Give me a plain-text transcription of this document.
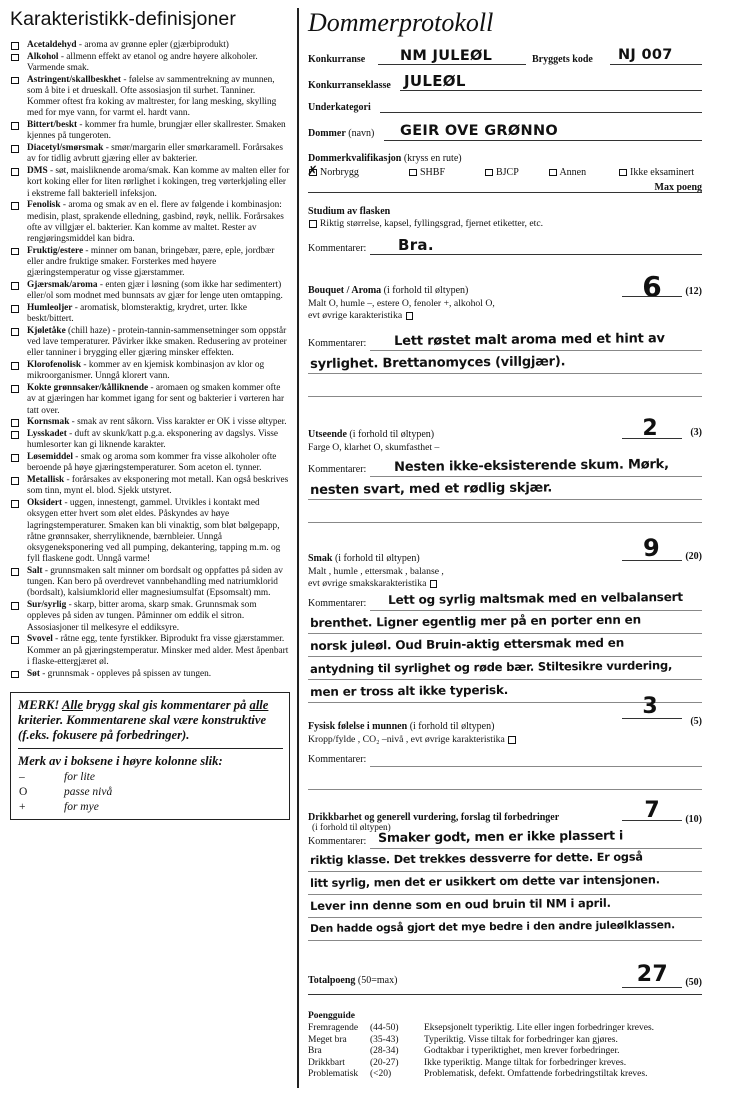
Karakteristikk-definisjoner
Acetaldehyd - aroma av grønne epler (gjærbiprodukt)
Alkohol - allmenn effekt av etanol og andre høyere alkoholer. Varmende smak.
Astringent/skallbeskhet - følelse av sammentrekning av munnen, som å bite i et drueskall. Ofte assosiasjon til surhet. Tanniner. Kommer oftest fra koking av maltrester, for lang mesking, skylling med for mye vann, for varmt el. hardt vann.
Bittert/beskt - kommer fra humle, brungjær eller skallrester. Smaken kjennes på tungeroten.
Diacetyl/smørsmak - smør/margarin eller smørkaramell. Forårsakes av for tidlig avbrutt gjæring eller av bakterier.
DMS - søt, maisliknende aroma/smak. Kan komme av malten eller for kort koking eller for liten rørlighet i kokingen, treg vørterkjøling eller i ekstreme fall bakteriell infeksjon.
Fenolisk - aroma og smak av en el. flere av følgende i kombinasjon: medisin, plast, sprakende elledning, gasbind, røyk, nellik. Forårsakes ofte av villgjær el. bakterier. Kan komme av maltet. Rester av rengjøringsmiddel kan bidra.
Fruktig/estere - minner om banan, bringebær, pære, eple, jordbær eller andre fruktige smaker. Forsterkes med høyere gjæringstemperatur og visse gjærstammer.
Gjærsmak/aroma - enten gjær i løsning (som ikke har sedimentert) eller/ol som modnet med bunnsats av gjær for lenge uten omtapping.
Humleoljer - aromatisk, blomsteraktig, krydret, urter. Ikke beskt/bittert.
Kjøletåke (chill haze) - protein-tannin-sammensetninger som oppstår ved lave temperaturer. Påvirker ikke smaken. Redusering av proteiner eller tanniner i brygging eller gjæring minsker effekten.
Klorofenolisk - kommer av en kjemisk kombinasjon av klor og mikroorganismer. Unngå klorert vann.
Kokte grønnsaker/kålliknende - aromaen og smaken kommer ofte av at gjæringen har kommet igang for sent og bakterier i vørteren har tatt over.
Kornsmak - smak av rent såkorn. Viss karakter er OK i visse øltyper.
Lysskadet - duft av skunk/katt p.g.a. eksponering av dagslys. Visse humlesorter kan gi liknende karakter.
Løsemiddel - smak og aroma som kommer fra visse alkoholer ofte beroende på høye gjæringstemperaturer. Som aceton el. tynner.
Metallisk - forårsakes av eksponering mot metall. Kan også beskrives som tinn, mynt el. blod. Sjekk utstyret.
Oksidert - uggen, innestengt, gammel. Utvikles i kontakt med oksygen etter hvert som ølet eldes. Påskyndes av høye lagringstemperaturer. Smaken kan bli vinaktig, som bløt bølgepapp, råtne grønnsaker, sherryliknende, bærnbleier. Unngå oksygeneksponering ved all pumping, dekantering, tapping m.m. og fyll flaskene godt. Unngå varme!
Salt - grunnsmaken salt minner om bordsalt og oppfattes på siden av tungen. Kan bero på overdrevet vannbehandling med natriumklorid (bordsalt), kalsiumklorid eller magnesiumsulfat (Epsomsalt) mm.
Sur/syrlig - skarp, bitter aroma, skarp smak. Grunnsmak som oppleves på siden av tungen. Påminner om eddik el sitron. Assosiasjoner til melkesyre el eddiksyre.
Svovel - råtne egg, tente fyrstikker. Biprodukt fra visse gjærstammer. Kommer an på gjæringstemperatur. Minsker med alder. Mest åpenbart i flaske-ettergjæret øl.
Søt - grunnsmak - oppleves på spissen av tungen.
MERK! Alle brygg skal gis kommentarer på alle kriterier. Kommentarene skal være konstruktive (f.eks. fokusere på forbedringer).
Merk av i boksene i høyre kolonne slik:
–	for lite
O	passe nivå
+	for mye
Dommerprotokoll
Konkurranse NM JULEØL	Bryggets kode NJ 007
Konkurranseklasse JULEØL
Underkategori
Dommer (navn) GEIR OVE GRØNNO
Dommerkvalifikasjon (kryss en rute)
✗ Norbrygg	SHBF	BJCP	Annen	Ikke eksaminert
Max poeng
Studium av flasken
Riktig størrelse, kapsel, fyllingsgrad, fjernet etiketter, etc.
Kommentarer: Bra.
Bouquet / Aroma (i forhold til øltypen)
Malt O, humle –, estere O, fenoler +, alkohol O,
evt øvrige karakteristika
6 (12)
Kommentarer: Lett røstet malt aroma med et hint av
syrlighet. Brettanomyces (villgjær).
Utseende (i forhold til øltypen)
Farge O, klarhet O, skumfasthet –
2	(3)
Kommentarer: Nesten ikke-eksisterende skum. Mørk,
nesten svart, med et rødlig skjær.
Smak (i forhold til øltypen)
Malt , humle , ettersmak , balanse ,
evt øvrige smakskarakteristika
9	(20)
Kommentarer: Lett og syrlig maltsmak med en velbalansert
brenthet. Ligner egentlig mer på en porter enn en
norsk juleøl. Oud Bruin-aktig ettersmak med en
antydning til syrlighet og røde bær. Stiltesikre vurdering,
men er tross alt ikke typerisk.
Fysisk følelse i munnen (i forhold til øltypen)
Kropp/fylde , CO₂ –nivå , evt øvrige karakteristika
3
(5)
Kommentarer:
Drikkbarhet og generell vurdering, forslag til forbedringer
(i forhold til øltypen)
7	(10)
Kommentarer: Smaker godt, men er ikke plassert i
riktig klasse. Det trekkes dessverre for dette. Er også
litt syrlig, men det er usikkert om dette var intensjonen.
Lever inn denne som en oud bruin til NM i april.
Den hadde også gjort det mye bedre i den andre juleølklassen.
Totalpoeng (50=max)	27 (50)
Poengguide
Fremragende	(44-50)	Eksepsjonelt typeriktig. Lite eller ingen forbedringer kreves.
Meget bra	(35-43)	Typeriktig. Visse tiltak for forbedringer kan gjøres.
Bra	(28-34)	Godtakbar i typeriktighet, men krever forbedringer.
Drikkbart	(20-27)	Ikke typeriktig. Mange tiltak for forbedringer kreves.
Problematisk	(<20)	Problematisk, defekt. Omfattende forbedringstiltak kreves.
